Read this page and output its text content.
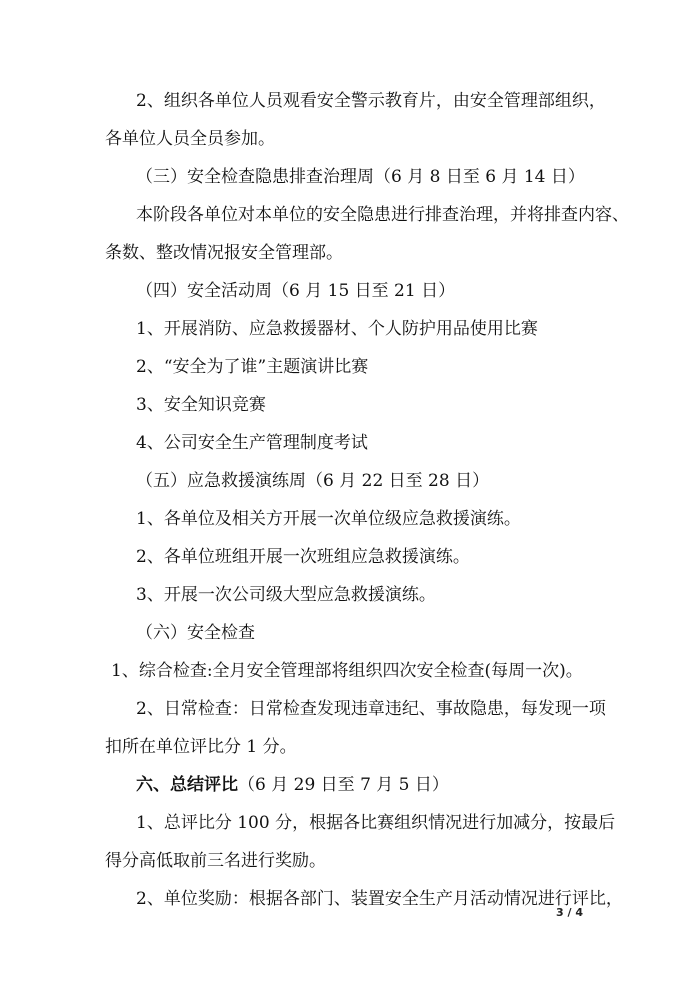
2、组织各单位人员观看安全警示教育片，由安全管理部组织，
各单位人员全员参加。
（三）安全检查隐患排查治理周（6 月 8 日至 6 月 14 日）
本阶段各单位对本单位的安全隐患进行排查治理，并将排查内容、
条数、整改情况报安全管理部。
（四）安全活动周（6 月 15 日至 21 日）
1、开展消防、应急救援器材、个人防护用品使用比赛
2、“安全为了谁”主题演讲比赛
3、安全知识竞赛
4、公司安全生产管理制度考试
（五）应急救援演练周（6 月 22 日至 28 日）
1、各单位及相关方开展一次单位级应急救援演练。
2、各单位班组开展一次班组应急救援演练。
3、开展一次公司级大型应急救援演练。
（六）安全检查
1、综合检查:全月安全管理部将组织四次安全检查(每周一次)。
2、日常检查：日常检查发现违章违纪、事故隐患，每发现一项
扣所在单位评比分 1 分。
六、总结评比（6 月 29 日至 7 月 5 日）
1、总评比分 100 分，根据各比赛组织情况进行加减分，按最后
得分高低取前三名进行奖励。
2、单位奖励：根据各部门、装置安全生产月活动情况进行评比，
3 / 4
